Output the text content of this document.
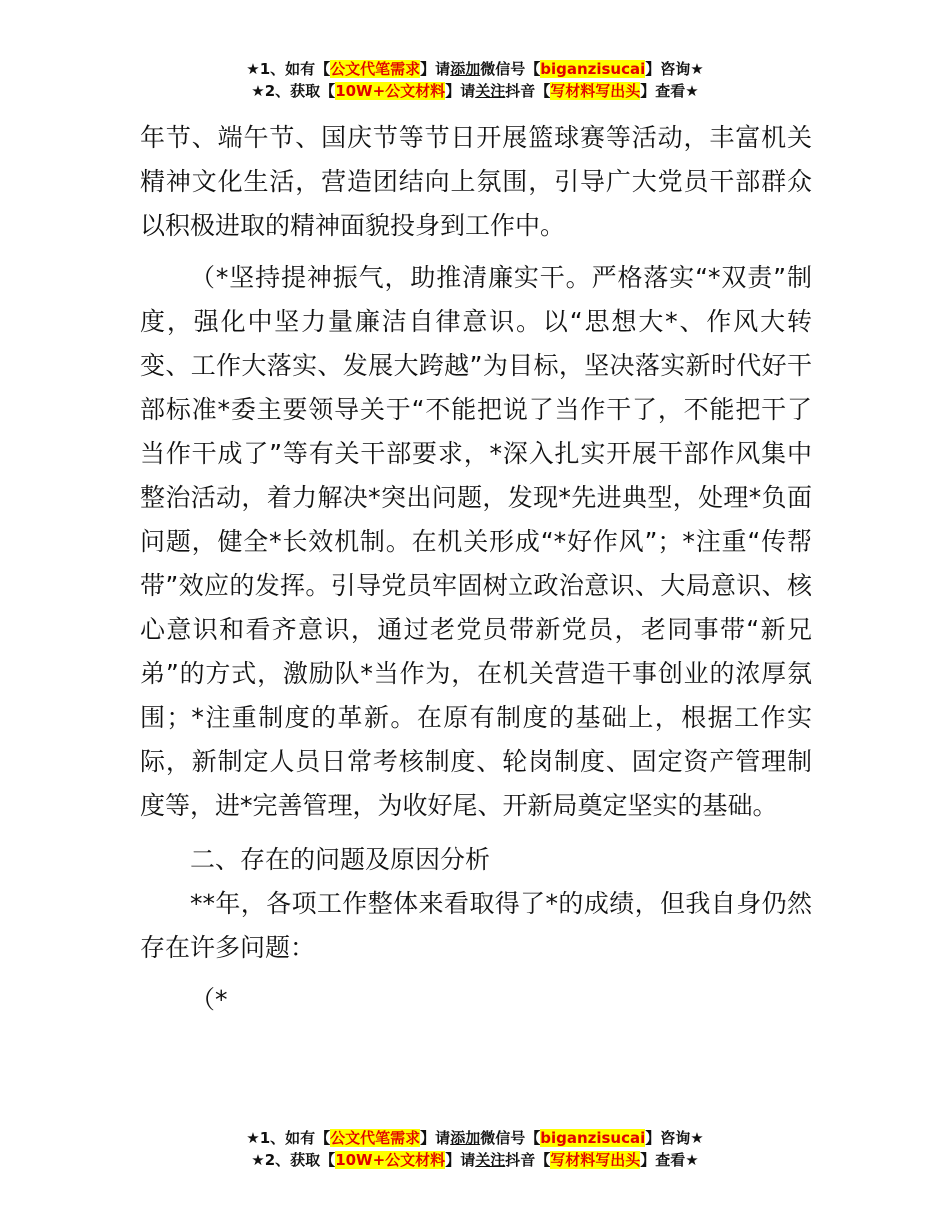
★1、如有【公文代笔需求】请添加微信号【biganzisucai】咨询★
★2、获取【10W+公文材料】请关注抖音【写材料写出头】查看★

年节、端午节、国庆节等节日开展篮球赛等活动，丰富机关精神文化生活，营造团结向上氛围，引导广大党员干部群众以积极进取的精神面貌投身到工作中。

（*坚持提神振气，助推清廉实干。严格落实“*双责”制度，强化中坚力量廉洁自律意识。以“思想大*、作风大转变、工作大落实、发展大跨越”为目标，坚决落实新时代好干部标准*委主要领导关于“不能把说了当作干了，不能把干了当作干成了”等有关干部要求，*深入扎实开展干部作风集中整治活动，着力解决*突出问题，发现*先进典型，处理*负面问题，健全*长效机制。在机关形成“*好作风”；*注重“传帮带”效应的发挥。引导党员牢固树立政治意识、大局意识、核心意识和看齐意识，通过老党员带新党员，老同事带“新兄弟”的方式，激励队*当作为，在机关营造干事创业的浓厚氛围；*注重制度的革新。在原有制度的基础上，根据工作实际，新制定人员日常考核制度、轮岗制度、固定资产管理制度等，进*完善管理，为收好尾、开新局奠定坚实的基础。

二、存在的问题及原因分析

**年，各项工作整体来看取得了*的成绩，但我自身仍然存在许多问题：

（*

★1、如有【公文代笔需求】请添加微信号【biganzisucai】咨询★
★2、获取【10W+公文材料】请关注抖音【写材料写出头】查看★
